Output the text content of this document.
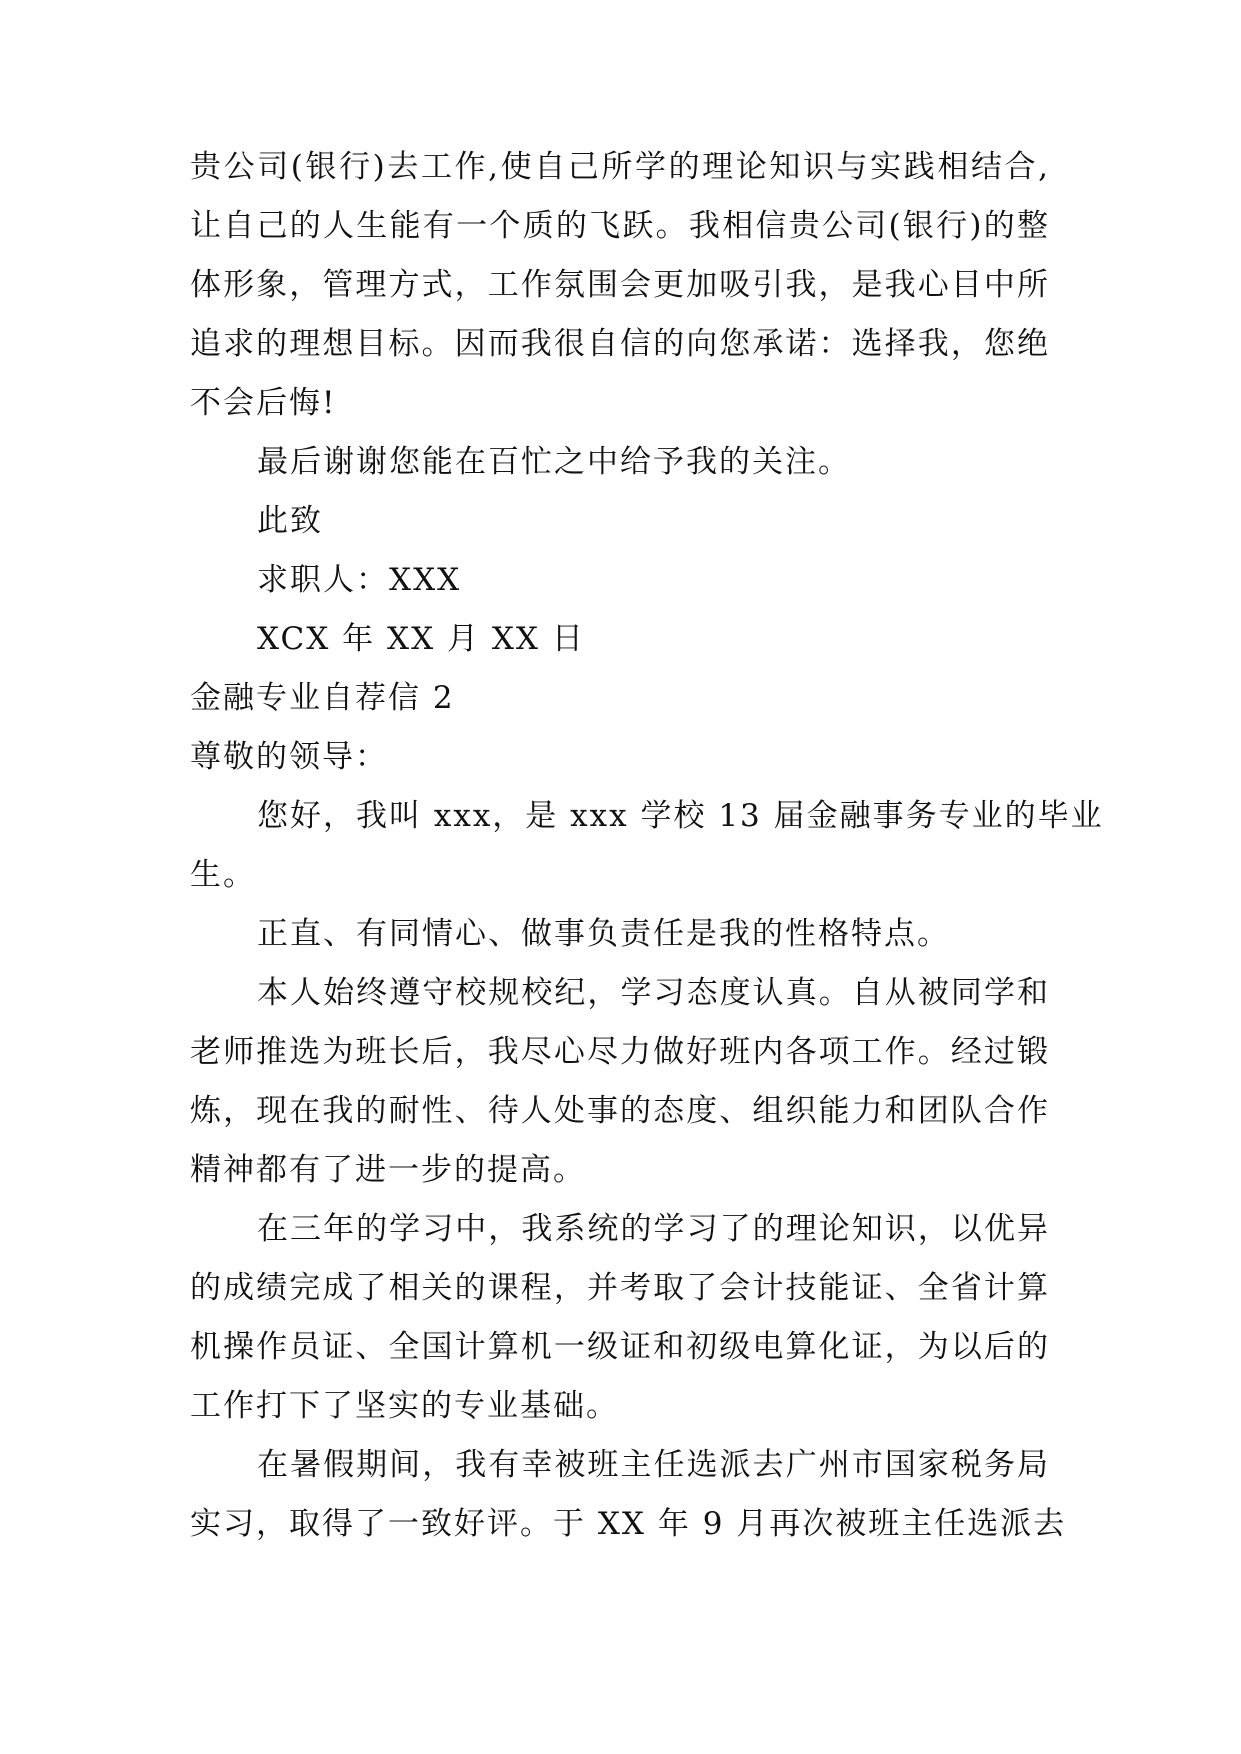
贵公司(银行)去工作,使自己所学的理论知识与实践相结合,
让自己的人生能有一个质的飞跃。我相信贵公司(银行)的整
体形象，管理方式，工作氛围会更加吸引我，是我心目中所
追求的理想目标。因而我很自信的向您承诺：选择我，您绝
不会后悔!
最后谢谢您能在百忙之中给予我的关注。
此致
求职人：XXX
XCX 年 XX 月 XX 日
金融专业自荐信 2
尊敬的领导：
您好，我叫 xxx，是 xxx 学校 13 届金融事务专业的毕业
生。
正直、有同情心、做事负责任是我的性格特点。
本人始终遵守校规校纪，学习态度认真。自从被同学和
老师推选为班长后，我尽心尽力做好班内各项工作。经过锻
炼，现在我的耐性、待人处事的态度、组织能力和团队合作
精神都有了进一步的提高。
在三年的学习中，我系统的学习了的理论知识，以优异
的成绩完成了相关的课程，并考取了会计技能证、全省计算
机操作员证、全国计算机一级证和初级电算化证，为以后的
工作打下了坚实的专业基础。
在暑假期间，我有幸被班主任选派去广州市国家税务局
实习，取得了一致好评。于 XX 年 9 月再次被班主任选派去
